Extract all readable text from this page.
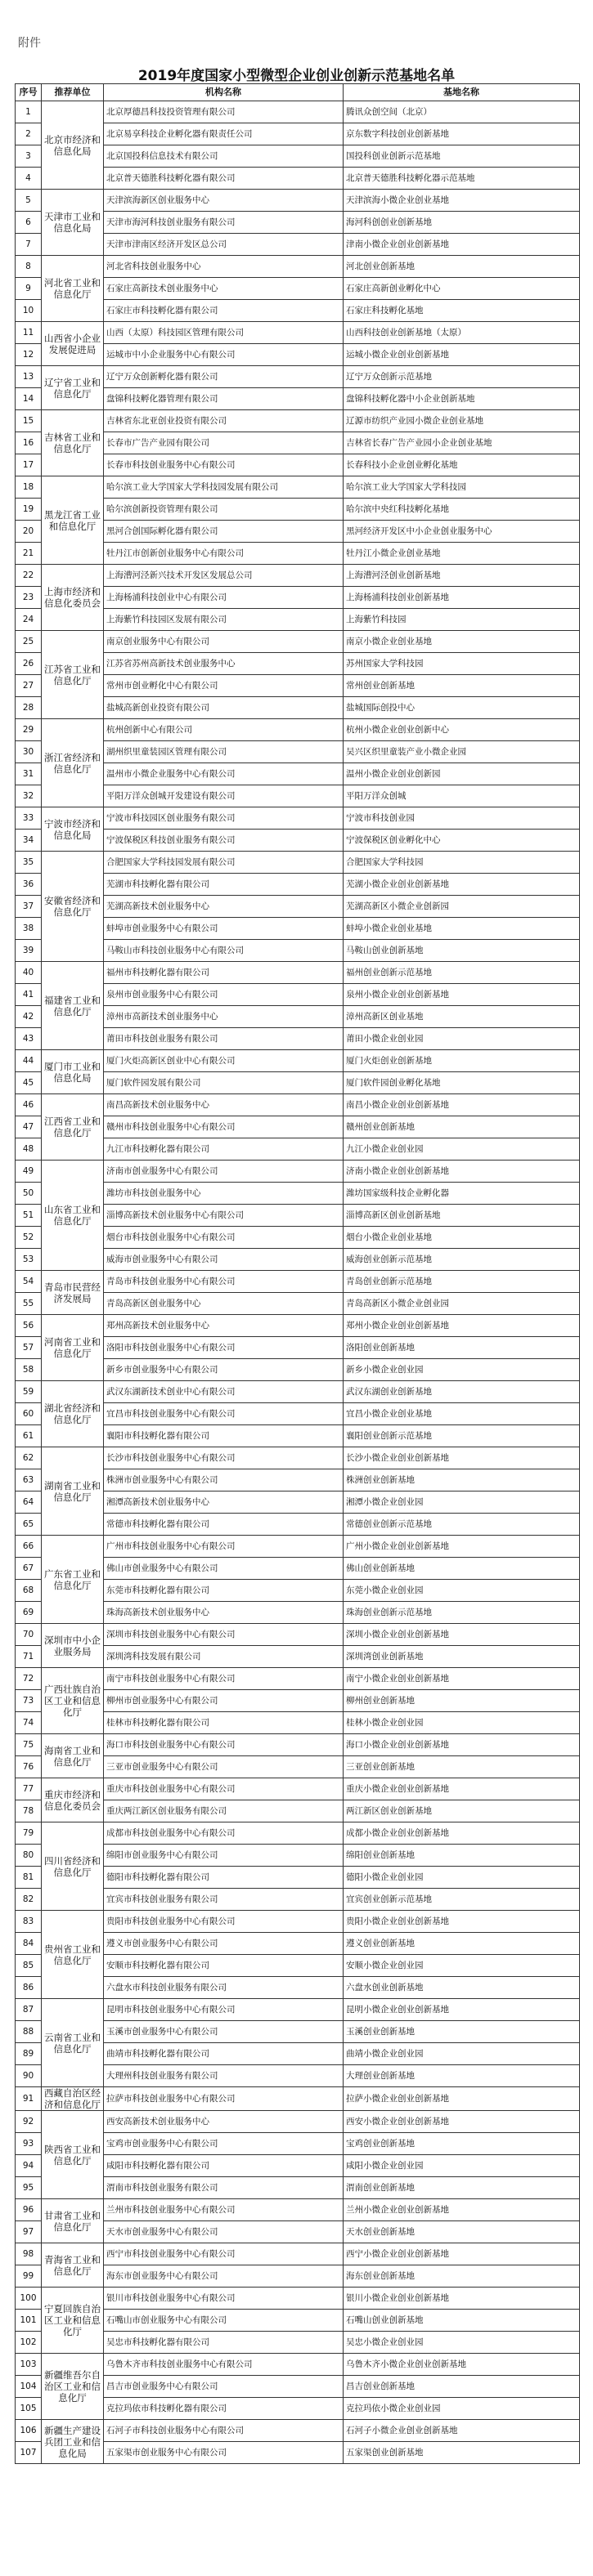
附件
2019年度国家小型微型企业创业创新示范基地名单
序号	推荐单位	机构名称	基地名称
1	北京市经济和信息化局	北京厚德昌科技投资管理有限公司	腾讯众创空间（北京）
2		北京易享科技企业孵化器有限责任公司	京东数字科技创业创新基地
3		北京国投科信息技术有限公司	国投科创业创新示范基地
4		北京普天德胜科技孵化器有限公司	北京普天德胜科技孵化器示范基地
5	天津市工业和信息化局	天津滨海新区创业服务中心	天津滨海小微企业创业基地
6		天津市海河科技创业服务有限公司	海河科创创业创新基地
7		天津市津南区经济开发区总公司	津南小微企业创业创新基地
8	河北省工业和信息化厅	河北省科技创业服务中心	河北创业创新基地
9		石家庄高新技术创业服务中心	石家庄高新创业孵化中心
10		石家庄市科技孵化器有限公司	石家庄科技孵化基地
11	山西省小企业发展促进局	山西（太原）科技园区管理有限公司	山西科技创业创新基地（太原）
12		运城市中小企业服务中心有限公司	运城小微企业创业创新基地
13	辽宁省工业和信息化厅	辽宁万众创新孵化器有限公司	辽宁万众创新示范基地
14		盘锦科技孵化器管理有限公司	盘锦科技孵化器中小企业创新基地
15	吉林省工业和信息化厅	吉林省东北亚创业投资有限公司	辽源市纺织产业园小微企业创业基地
16		长春市广告产业园有限公司	吉林省长春广告产业园小企业创业基地
17		长春市科技创业服务中心有限公司	长春科技小企业创业孵化基地
18	黑龙江省工业和信息化厅	哈尔滨工业大学国家大学科技园发展有限公司	哈尔滨工业大学国家大学科技园
19		哈尔滨创新投资管理有限公司	哈尔滨中央红科技孵化基地
20		黑河合创国际孵化器有限公司	黑河经济开发区中小企业创业服务中心
21		牡丹江市创新创业服务中心有限公司	牡丹江小微企业创业基地
22	上海市经济和信息化委员会	上海漕河泾新兴技术开发区发展总公司	上海漕河泾创业创新基地
23		上海杨浦科技创业中心有限公司	上海杨浦科技创业创新基地
24		上海紫竹科技园区发展有限公司	上海紫竹科技园
25	江苏省工业和信息化厅	南京创业服务中心有限公司	南京小微企业创业基地
26		江苏省苏州高新技术创业服务中心	苏州国家大学科技园
27		常州市创业孵化中心有限公司	常州创业创新基地
28		盐城高新创业投资有限公司	盐城国际创投中心
29	浙江省经济和信息化厅	杭州创新中心有限公司	杭州小微企业创业创新中心
30		湖州织里童装园区管理有限公司	吴兴区织里童装产业小微企业园
31		温州市小微企业服务中心有限公司	温州小微企业创业创新园
32		平阳万洋众创城开发建设有限公司	平阳万洋众创城
33	宁波市经济和信息化局	宁波市科技园区创业服务有限公司	宁波市科技创业园
34		宁波保税区科技创业服务有限公司	宁波保税区创业孵化中心
35	安徽省经济和信息化厅	合肥国家大学科技园发展有限公司	合肥国家大学科技园
36		芜湖市科技孵化器有限公司	芜湖小微企业创业创新基地
37		芜湖高新技术创业服务中心	芜湖高新区小微企业创新园
38		蚌埠市创业服务中心有限公司	蚌埠小微企业创业基地
39		马鞍山市科技创业服务中心有限公司	马鞍山创业创新基地
40	福建省工业和信息化厅	福州市科技孵化器有限公司	福州创业创新示范基地
41		泉州市创业服务中心有限公司	泉州小微企业创业创新基地
42		漳州市高新技术创业服务中心	漳州高新区创业基地
43		莆田市科技创业服务有限公司	莆田小微企业创业园
44	厦门市工业和信息化局	厦门火炬高新区创业中心有限公司	厦门火炬创业创新基地
45		厦门软件园发展有限公司	厦门软件园创业孵化基地
46	江西省工业和信息化厅	南昌高新技术创业服务中心	南昌小微企业创业创新基地
47		赣州市科技创业服务中心有限公司	赣州创业创新基地
48		九江市科技孵化器有限公司	九江小微企业创业园
49	山东省工业和信息化厅	济南市创业服务中心有限公司	济南小微企业创业创新基地
50		潍坊市科技创业服务中心	潍坊国家级科技企业孵化器
51		淄博高新技术创业服务中心有限公司	淄博高新区创业创新基地
52		烟台市科技创业服务中心有限公司	烟台小微企业创业基地
53		威海市创业服务中心有限公司	威海创业创新示范基地
54	青岛市民营经济发展局	青岛市科技创业服务中心有限公司	青岛创业创新示范基地
55		青岛高新区创业服务中心	青岛高新区小微企业创业园
56	河南省工业和信息化厅	郑州高新技术创业服务中心	郑州小微企业创业创新基地
57		洛阳市科技创业服务中心有限公司	洛阳创业创新基地
58		新乡市创业服务中心有限公司	新乡小微企业创业园
59	湖北省经济和信息化厅	武汉东湖新技术创业中心有限公司	武汉东湖创业创新基地
60		宜昌市科技创业服务中心有限公司	宜昌小微企业创业基地
61		襄阳市科技孵化器有限公司	襄阳创业创新示范基地
62	湖南省工业和信息化厅	长沙市科技创业服务中心有限公司	长沙小微企业创业创新基地
63		株洲市创业服务中心有限公司	株洲创业创新基地
64		湘潭高新技术创业服务中心	湘潭小微企业创业园
65		常德市科技孵化器有限公司	常德创业创新示范基地
66	广东省工业和信息化厅	广州市科技创业服务中心有限公司	广州小微企业创业创新基地
67		佛山市创业服务中心有限公司	佛山创业创新基地
68		东莞市科技孵化器有限公司	东莞小微企业创业园
69		珠海高新技术创业服务中心	珠海创业创新示范基地
70	深圳市中小企业服务局	深圳市科技创业服务中心有限公司	深圳小微企业创业创新基地
71		深圳湾科技发展有限公司	深圳湾创业创新基地
72	广西壮族自治区工业和信息化厅	南宁市科技创业服务中心有限公司	南宁小微企业创业创新基地
73		柳州市创业服务中心有限公司	柳州创业创新基地
74		桂林市科技孵化器有限公司	桂林小微企业创业园
75	海南省工业和信息化厅	海口市科技创业服务中心有限公司	海口小微企业创业创新基地
76		三亚市创业服务中心有限公司	三亚创业创新基地
77	重庆市经济和信息化委员会	重庆市科技创业服务中心有限公司	重庆小微企业创业创新基地
78		重庆两江新区创业服务有限公司	两江新区创业创新基地
79	四川省经济和信息化厅	成都市科技创业服务中心有限公司	成都小微企业创业创新基地
80		绵阳市创业服务中心有限公司	绵阳创业创新基地
81		德阳市科技孵化器有限公司	德阳小微企业创业园
82		宜宾市科技创业服务有限公司	宜宾创业创新示范基地
83	贵州省工业和信息化厅	贵阳市科技创业服务中心有限公司	贵阳小微企业创业创新基地
84		遵义市创业服务中心有限公司	遵义创业创新基地
85		安顺市科技孵化器有限公司	安顺小微企业创业园
86		六盘水市科技创业服务有限公司	六盘水创业创新基地
87	云南省工业和信息化厅	昆明市科技创业服务中心有限公司	昆明小微企业创业创新基地
88		玉溪市创业服务中心有限公司	玉溪创业创新基地
89		曲靖市科技孵化器有限公司	曲靖小微企业创业园
90		大理州科技创业服务有限公司	大理创业创新基地
91	西藏自治区经济和信息化厅	拉萨市科技创业服务中心有限公司	拉萨小微企业创业创新基地
92	陕西省工业和信息化厅	西安高新技术创业服务中心	西安小微企业创业创新基地
93		宝鸡市创业服务中心有限公司	宝鸡创业创新基地
94		咸阳市科技孵化器有限公司	咸阳小微企业创业园
95		渭南市科技创业服务有限公司	渭南创业创新基地
96	甘肃省工业和信息化厅	兰州市科技创业服务中心有限公司	兰州小微企业创业创新基地
97		天水市创业服务中心有限公司	天水创业创新基地
98	青海省工业和信息化厅	西宁市科技创业服务中心有限公司	西宁小微企业创业创新基地
99		海东市创业服务中心有限公司	海东创业创新基地
100	宁夏回族自治区工业和信息化厅	银川市科技创业服务中心有限公司	银川小微企业创业创新基地
101		石嘴山市创业服务中心有限公司	石嘴山创业创新基地
102		吴忠市科技孵化器有限公司	吴忠小微企业创业园
103	新疆维吾尔自治区工业和信息化厅	乌鲁木齐市科技创业服务中心有限公司	乌鲁木齐小微企业创业创新基地
104		昌吉市创业服务中心有限公司	昌吉创业创新基地
105		克拉玛依市科技孵化器有限公司	克拉玛依小微企业创业园
106	新疆生产建设兵团工业和信息化局	石河子市科技创业服务中心有限公司	石河子小微企业创业创新基地
107		五家渠市创业服务中心有限公司	五家渠创业创新基地
